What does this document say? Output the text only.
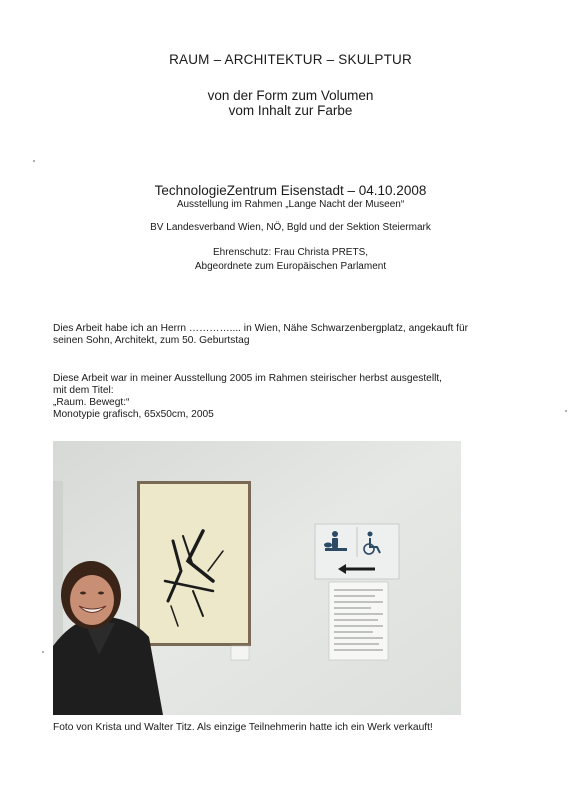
RAUM – ARCHITEKTUR – SKULPTUR
von der Form zum Volumen
vom Inhalt zur Farbe
TechnologieZentrum Eisenstadt – 04.10.2008
Ausstellung im Rahmen „Lange Nacht der Museen“
BV Landesverband Wien, NÖ, Bgld und der Sektion Steiermark
Ehrenschutz: Frau Christa PRETS,
Abgeordnete zum Europäischen Parlament
Dies Arbeit habe ich an Herrn ………….... in Wien, Nähe Schwarzenbergplatz, angekauft für
seinen Sohn, Architekt, zum 50. Geburtstag
Diese Arbeit war in meiner Ausstellung 2005 im Rahmen steirischer herbst ausgestellt,
mit dem Titel:
„Raum. Bewegt:“
Monotypie grafisch, 65x50cm, 2005
Foto von Krista und Walter Titz. Als einzige Teilnehmerin hatte ich ein Werk verkauft!
